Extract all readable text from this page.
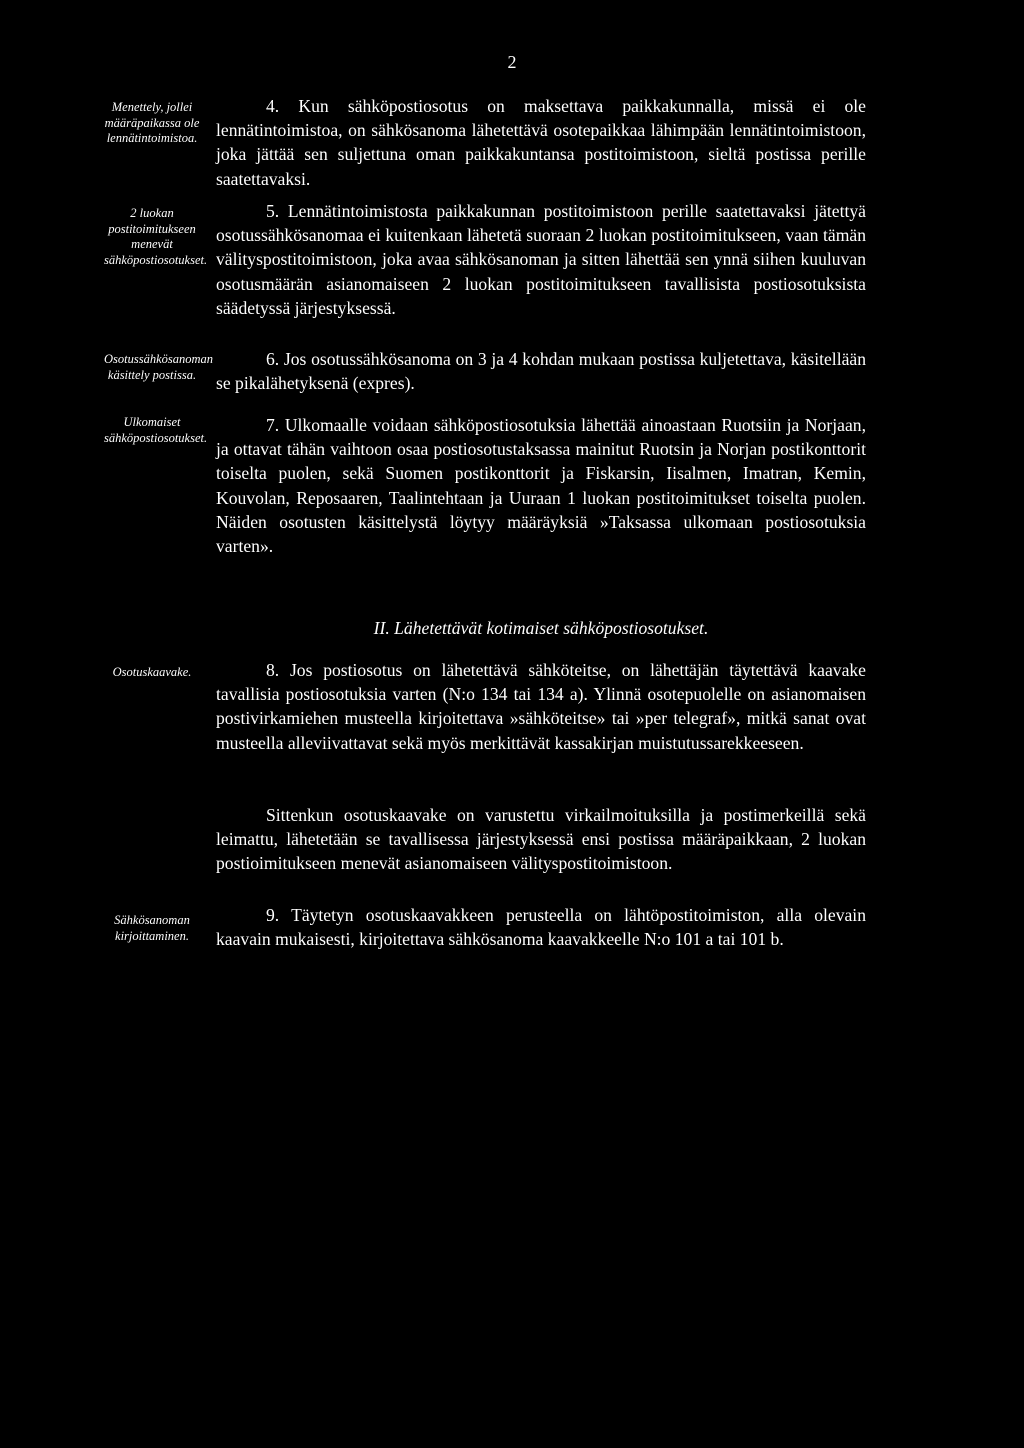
2
Menettely, jollei määräpaikassa ole lennätintoimistoa.
2 luokan postitoimitukseen menevät sähköpostiosotukset.
Osotussähkösanoman käsittely postissa.
Ulkomaiset sähköpostiosotukset.
Osotuskaavake.
Sähkösanoman kirjoittaminen.
4. Kun sähköpostiosotus on maksettava paikkakunnalla, missä ei ole lennätintoimistoa, on sähkösanoma lähetettävä osotepaikkaa lähimpään lennätintoimistoon, joka jättää sen suljettuna oman paikkakuntansa postitoimistoon, sieltä postissa perille saatettavaksi.
5. Lennätintoimistosta paikkakunnan postitoimistoon perille saatettavaksi jätettyä osotussähkösanomaa ei kuitenkaan lähetetä suoraan 2 luokan postitoimitukseen, vaan tämän välityspostitoimistoon, joka avaa sähkösanoman ja sitten lähettää sen ynnä siihen kuuluvan osotusmäärän asianomaiseen 2 luokan postitoimitukseen tavallisista postiosotuksista säädetyssä järjestyksessä.
6. Jos osotussähkösanoma on 3 ja 4 kohdan mukaan postissa kuljetettava, käsitellään se pikalähetyksenä (expres).
7. Ulkomaalle voidaan sähköpostiosotuksia lähettää ainoastaan Ruotsiin ja Norjaan, ja ottavat tähän vaihtoon osaa postiosotustaksassa mainitut Ruotsin ja Norjan postikonttorit toiselta puolen, sekä Suomen postikonttorit ja Fiskarsin, Iisalmen, Imatran, Kemin, Kouvolan, Reposaaren, Taalintehtaan ja Uuraan 1 luokan postitoimitukset toiselta puolen. Näiden osotusten käsittelystä löytyy määräyksiä »Taksassa ulkomaan postiosotuksia varten».
II. Lähetettävät kotimaiset sähköpostiosotukset.
8. Jos postiosotus on lähetettävä sähköteitse, on lähettäjän täytettävä kaavake tavallisia postiosotuksia varten (N:o 134 tai 134 a). Ylinnä osotepuolelle on asianomaisen postivirkamiehen musteella kirjoitettava »sähköteitse» tai »per telegraf», mitkä sanat ovat musteella alleviivattavat sekä myös merkittävät kassakirjan muistutussarekkeeseen.
Sittenkun osotuskaavake on varustettu virkailmoituksilla ja postimerkeillä sekä leimattu, lähetetään se tavallisessa järjestyksessä ensi postissa määräpaikkaan, 2 luokan postioimitukseen menevät asianomaiseen välityspostitoimistoon.
9. Täytetyn osotuskaavakkeen perusteella on lähtöpostitoimiston, alla olevain kaavain mukaisesti, kirjoitettava sähkösanoma kaavakkeelle N:o 101 a tai 101 b.
